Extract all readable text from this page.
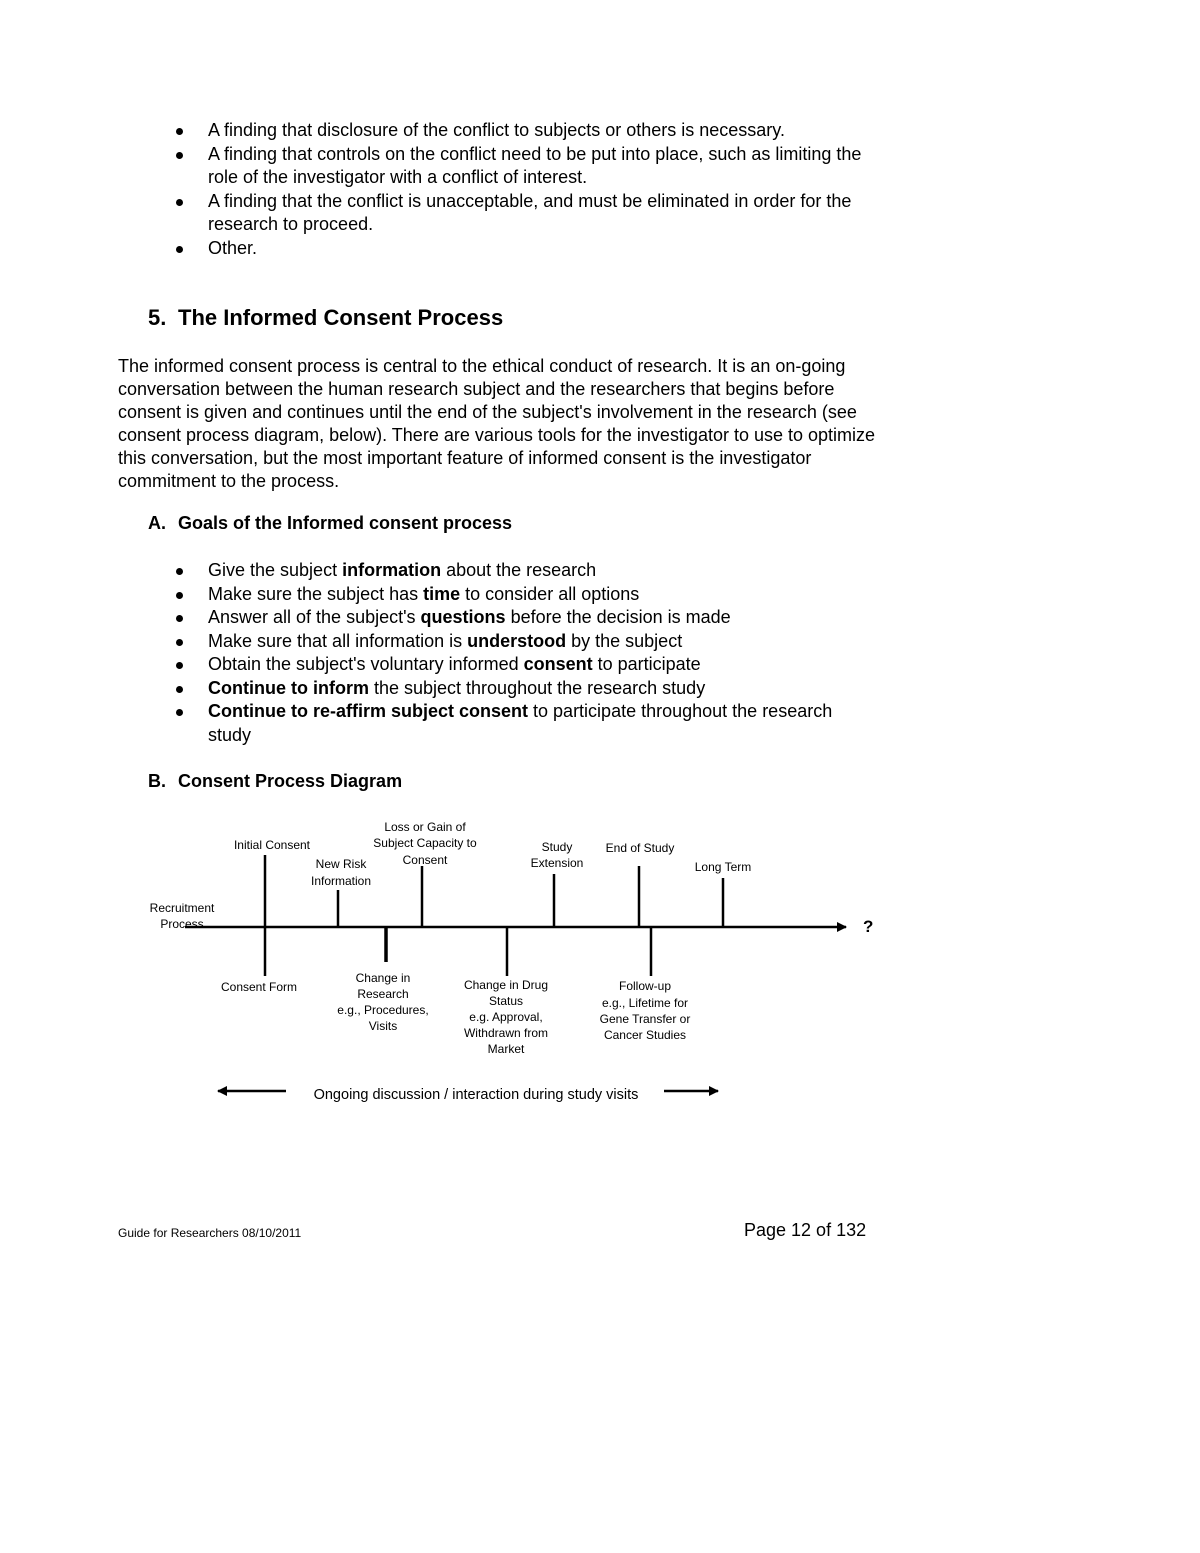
A finding that disclosure of the conflict to subjects or others is necessary.
A finding that controls on the conflict need to be put into place, such as limiting the role of the investigator with a conflict of interest.
A finding that the conflict is unacceptable, and must be eliminated in order for the research to proceed.
Other.
5. The Informed Consent Process

The informed consent process is central to the ethical conduct of research. It is an on-going conversation between the human research subject and the researchers that begins before consent is given and continues until the end of the subject's involvement in the research (see consent process diagram, below). There are various tools for the investigator to use to optimize this conversation, but the most important feature of informed consent is the investigator commitment to the process.

A. Goals of the Informed consent process
Give the subject information about the research
Make sure the subject has time to consider all options
Answer all of the subject's questions before the decision is made
Make sure that all information is understood by the subject
Obtain the subject's voluntary informed consent to participate
Continue to inform the subject throughout the research study
Continue to re-affirm subject consent to participate throughout the research study
B. Consent Process Diagram
Recruitment
Process	?
Initial Consent
New Risk
Information
Loss or Gain of
Subject Capacity to
Consent
Study
Extension
End of Study
Long Term
Consent Form
Change in
Research
e.g., Procedures,
Visits
Change in Drug
Status
e.g. Approval,
Withdrawn from
Market
Follow-up
e.g., Lifetime for
Gene Transfer or
Cancer Studies
Ongoing discussion / interaction during study visits
Guide for Researchers 08/10/2011	Page 12 of 132
